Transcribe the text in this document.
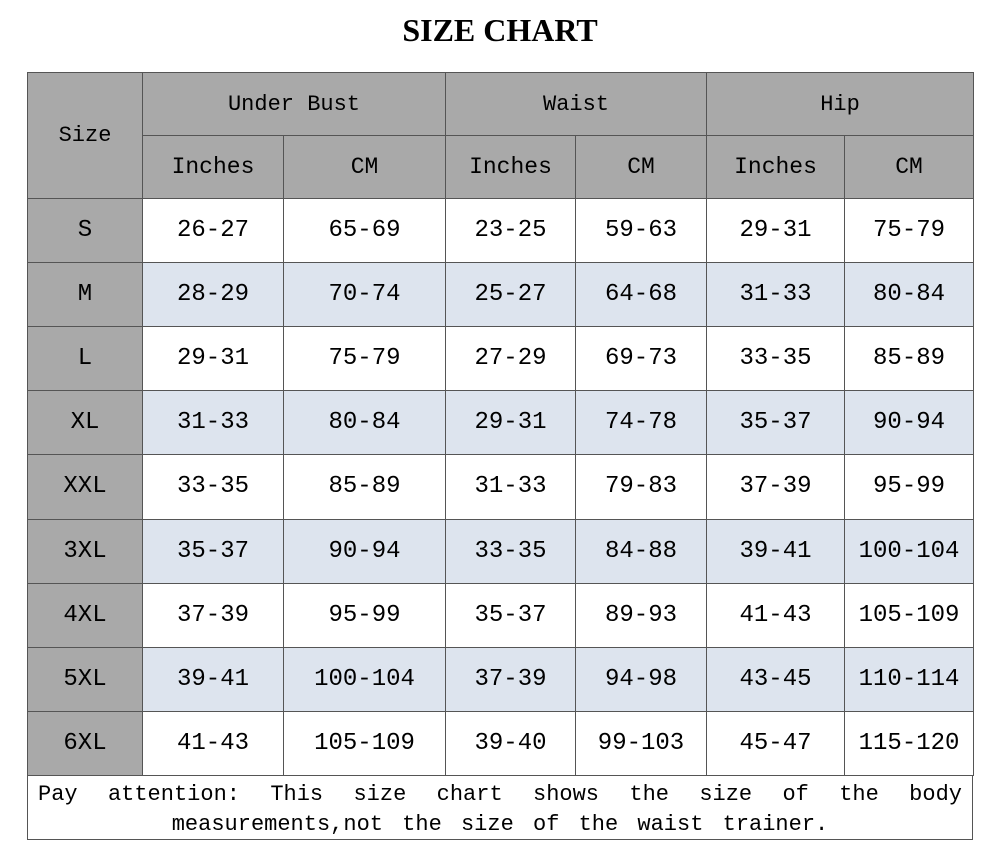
SIZE CHART
Size	Under Bust		Waist		Hip	
	Inches	CM	Inches	CM	Inches	CM
S	26-27	65-69	23-25	59-63	29-31	75-79
M	28-29	70-74	25-27	64-68	31-33	80-84
L	29-31	75-79	27-29	69-73	33-35	85-89
XL	31-33	80-84	29-31	74-78	35-37	90-94
XXL	33-35	85-89	31-33	79-83	37-39	95-99
3XL	35-37	90-94	33-35	84-88	39-41	100-104
4XL	37-39	95-99	35-37	89-93	41-43	105-109
5XL	39-41	100-104	37-39	94-98	43-45	110-114
6XL	41-43	105-109	39-40	99-103	45-47	115-120
Pay attention: This size chart shows the size of the body
measurements,not the size of the waist trainer.
